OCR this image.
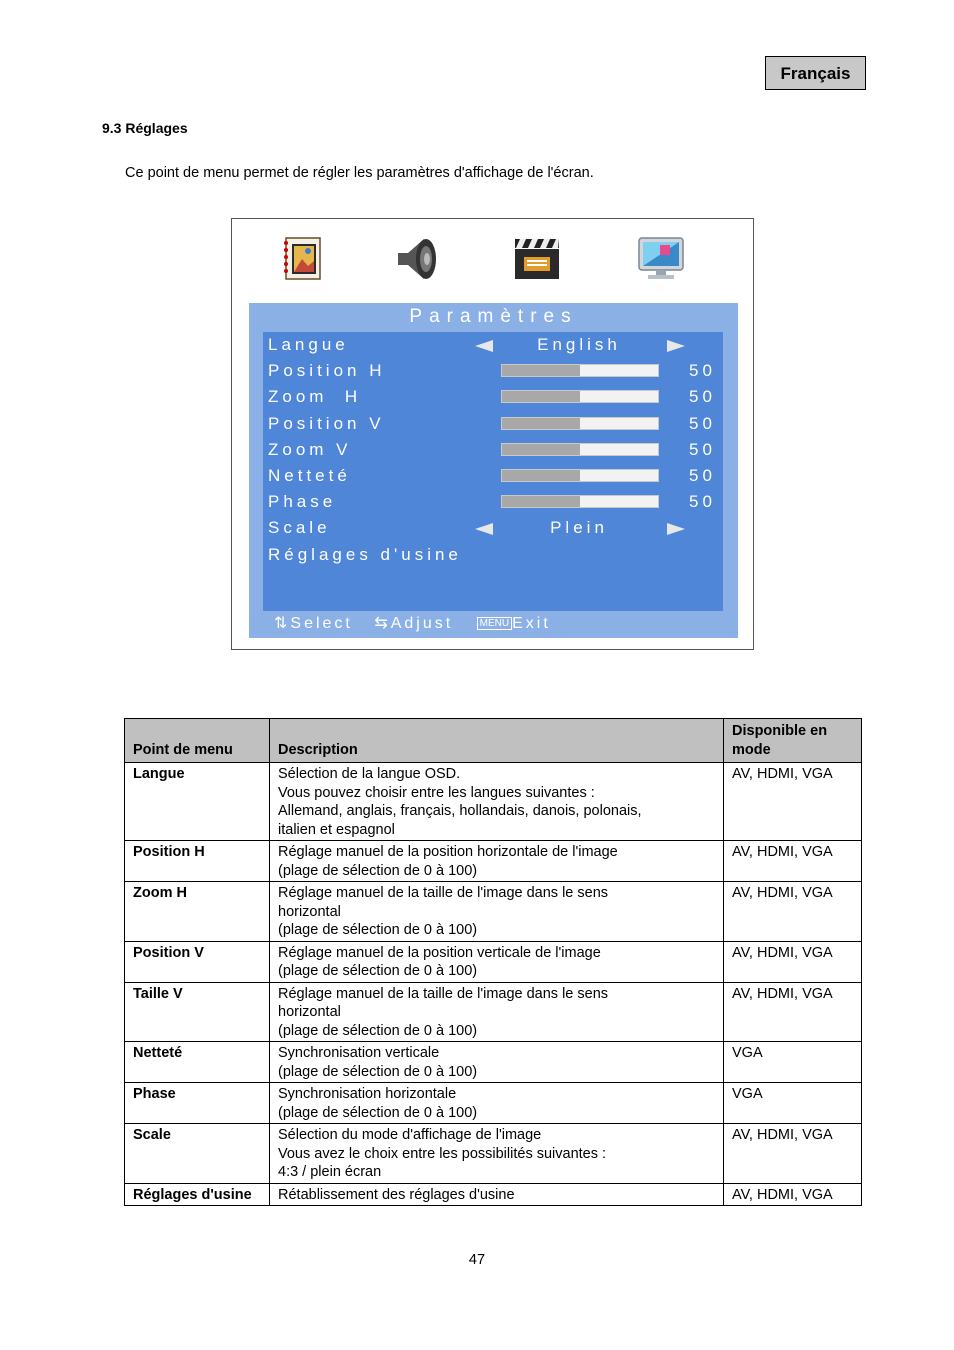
Français
9.3 Réglages
Ce point de menu permet de régler les paramètres d'affichage de l'écran.
Paramètres
Langue	English
Position H	50
Zoom  H	50
Position V	50
Zoom V	50
Netteté	50
Phase	50
Scale	Plein
Réglages d'usine
⇅Select ⇆Adjust	MENU Exit
Point de menu	Description	Disponible en mode
Langue	Sélection de la langue OSD.
Vous pouvez choisir entre les langues suivantes :
Allemand, anglais, français, hollandais, danois, polonais,
italien et espagnol	AV, HDMI, VGA
Position H	Réglage manuel de la position horizontale de l'image
(plage de sélection de 0 à 100)	AV, HDMI, VGA
Zoom H	Réglage manuel de la taille de l'image dans le sens
horizontal
(plage de sélection de 0 à 100)	AV, HDMI, VGA
Position V	Réglage manuel de la position verticale de l'image
(plage de sélection de 0 à 100)	AV, HDMI, VGA
Taille V	Réglage manuel de la taille de l'image dans le sens
horizontal
(plage de sélection de 0 à 100)	AV, HDMI, VGA
Netteté	Synchronisation verticale
(plage de sélection de 0 à 100)	VGA
Phase	Synchronisation horizontale
(plage de sélection de 0 à 100)	VGA
Scale	Sélection du mode d'affichage de l'image
Vous avez le choix entre les possibilités suivantes :
4:3 / plein écran	AV, HDMI, VGA
Réglages d'usine	Rétablissement des réglages d'usine	AV, HDMI, VGA
47
